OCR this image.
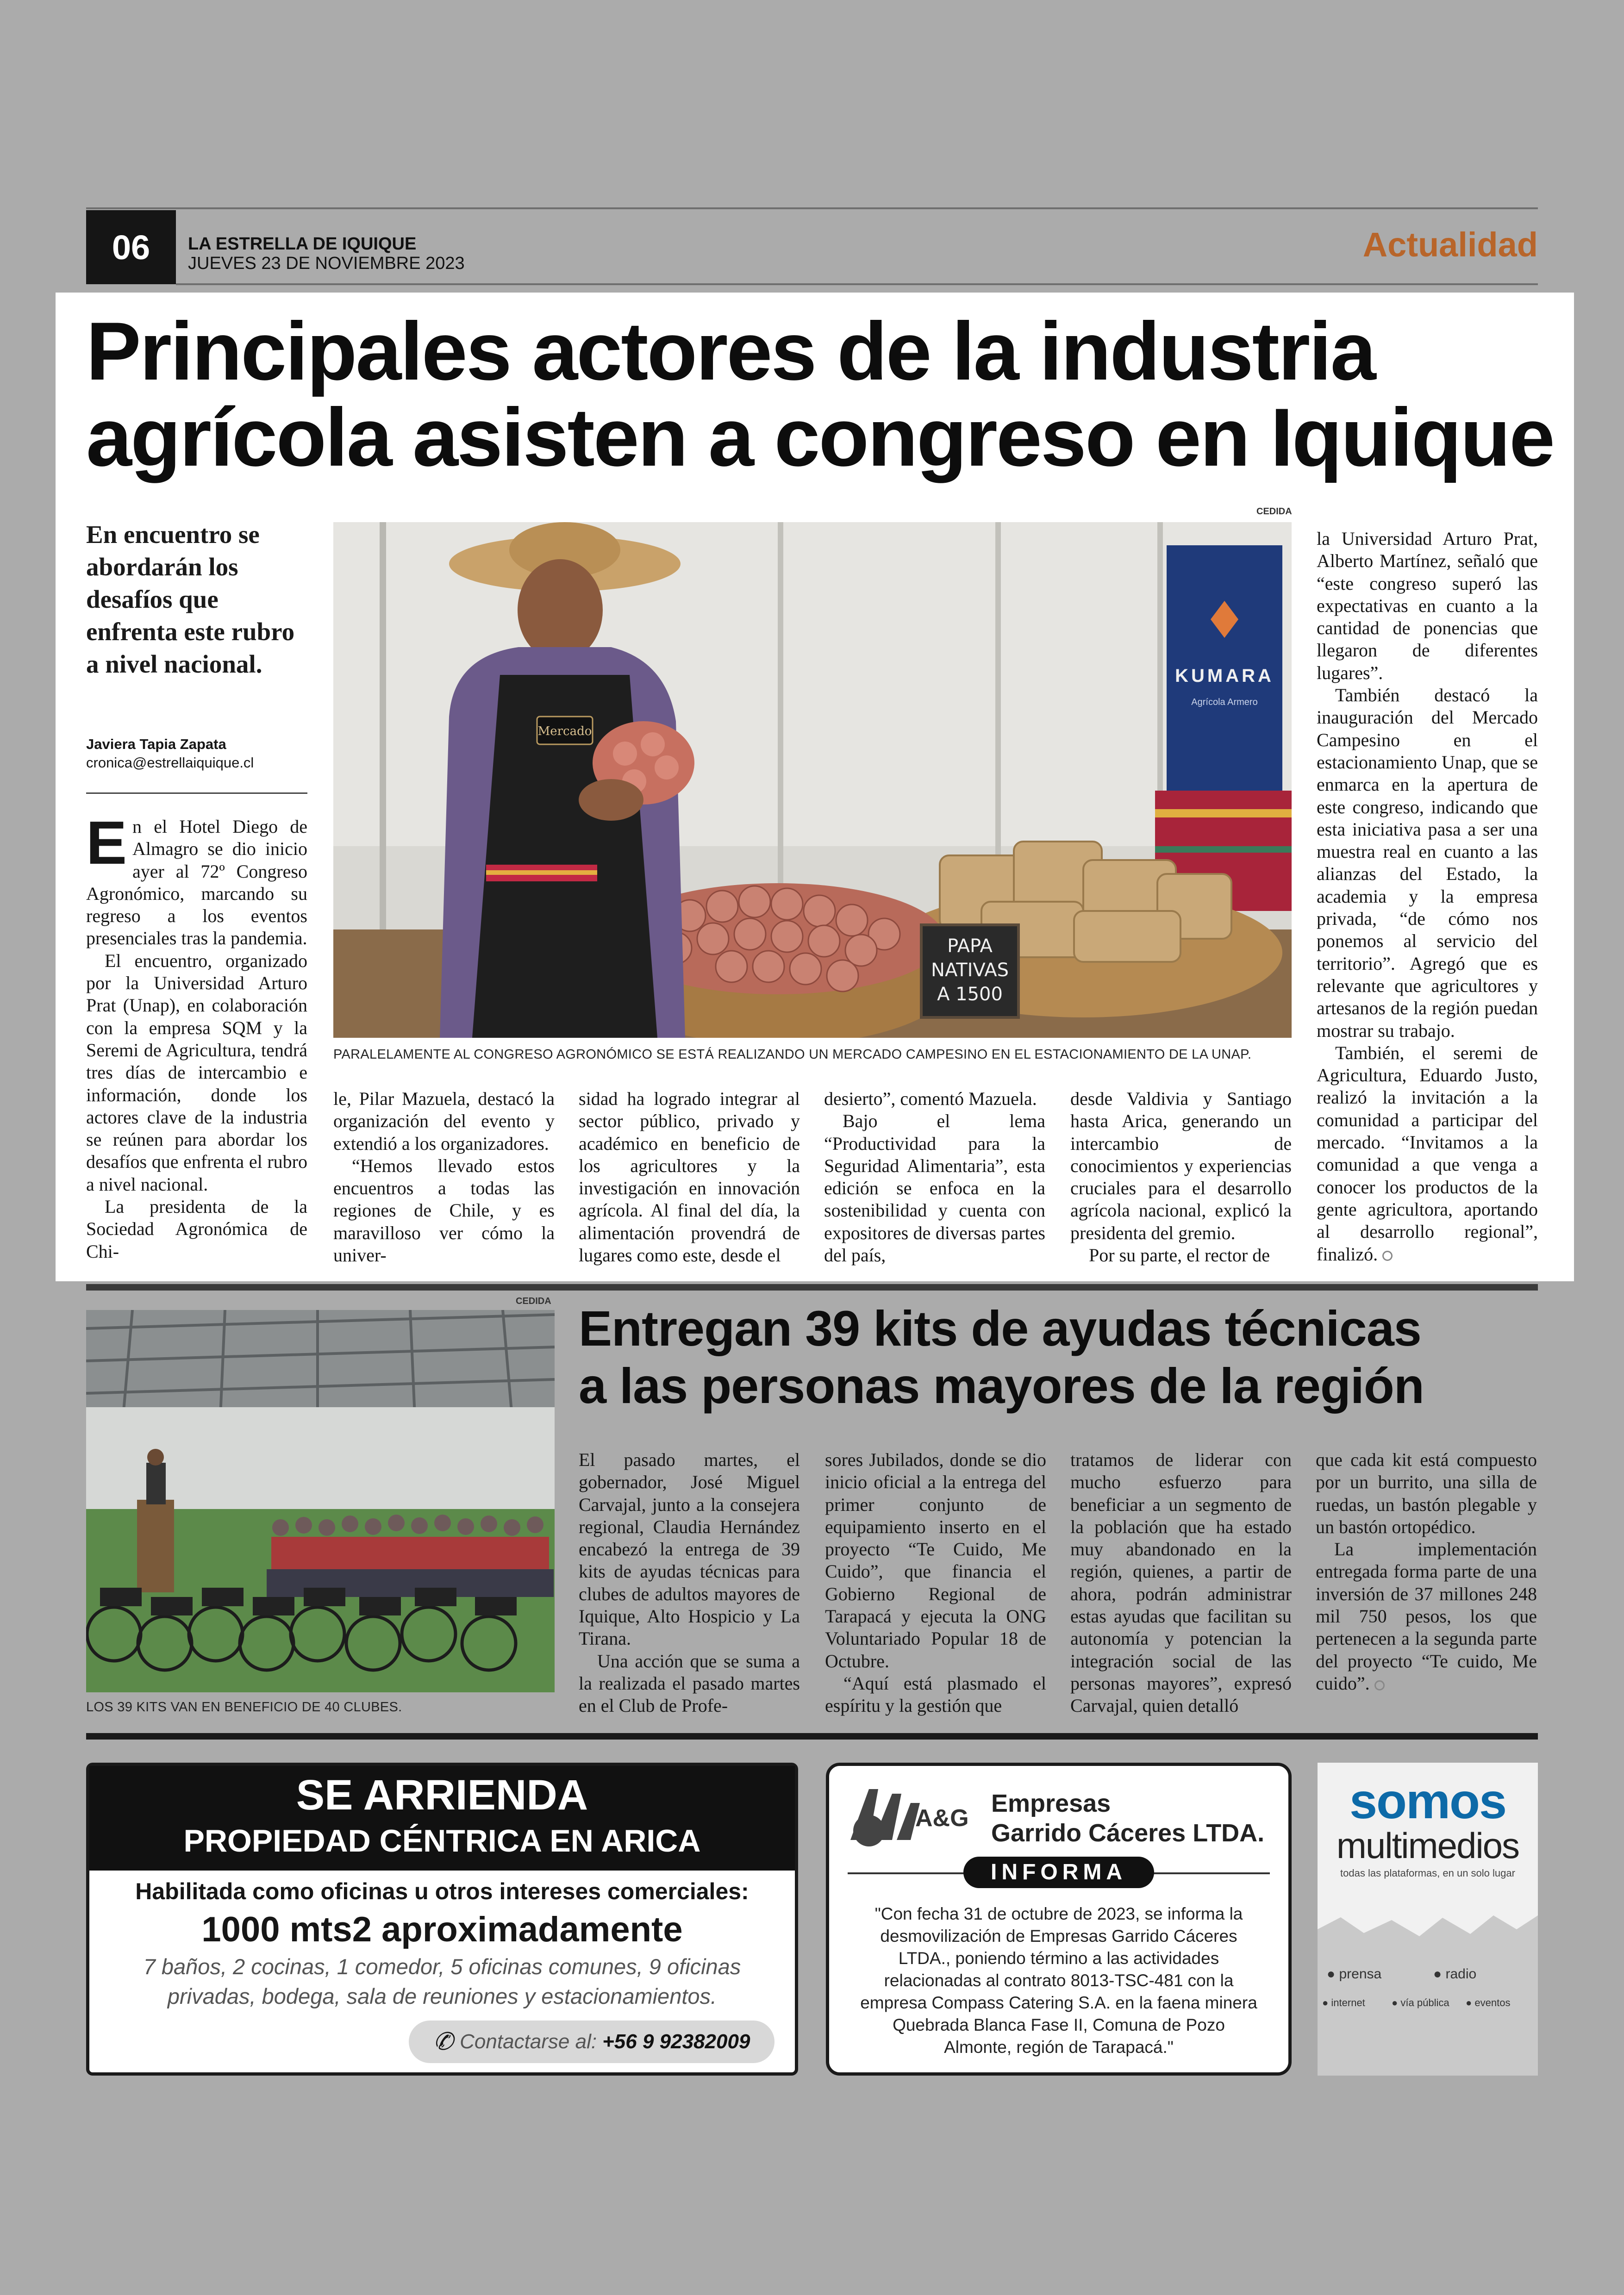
06	LA ESTRELLA DE IQUIQUE
JUEVES 23 DE NOVIEMBRE 2023	Actualidad
Principales actores de la industria
agrícola asisten a congreso en Iquique
En encuentro se abordarán los desafíos que enfrenta este rubro a nivel nacional.
Javiera Tapia Zapata
cronica@estrellaiquique.cl
CEDIDA
KUMARA
Agrícola Armero
PAPA NATIVAS A 1500
Mercado
PARALELAMENTE AL CONGRESO AGRONÓMICO SE ESTÁ REALIZANDO UN MERCADO CAMPESINO EN EL ESTACIONAMIENTO DE LA UNAP.

En el Hotel Diego de Almagro se dio inicio ayer al 72º Congreso Agronómico, marcando su regreso a los eventos presenciales tras la pandemia.

El encuentro, organizado por la Universidad Arturo Prat (Unap), en colaboración con la empresa SQM y la Seremi de Agricultura, tendrá tres días de intercambio e información, donde los actores clave de la industria se reúnen para abordar los desafíos que enfrenta el rubro a nivel nacional.

La presidenta de la Sociedad Agronómica de Chi-

le, Pilar Mazuela, destacó la organización del evento y extendió a los organizadores.

“Hemos llevado estos encuentros a todas las regiones de Chile, y es maravilloso ver cómo la univer-

sidad ha logrado integrar al sector público, privado y académico en beneficio de los agricultores y la investigación en innovación agrícola. Al final del día, la alimentación provendrá de lugares como este, desde el

desierto”, comentó Mazuela.

Bajo el lema “Productividad para la Seguridad Alimentaria”, esta edición se enfoca en la sostenibilidad y cuenta con expositores de diversas partes del país,

desde Valdivia y Santiago hasta Arica, generando un intercambio de conocimientos y experiencias cruciales para el desarrollo agrícola nacional, explicó la presidenta del gremio.

Por su parte, el rector de

la Universidad Arturo Prat, Alberto Martínez, señaló que “este congreso superó las expectativas en cuanto a la cantidad de ponencias que llegaron de diferentes lugares”.

También destacó la inauguración del Mercado Campesino en el estacionamiento Unap, que se enmarca en la apertura de este congreso, indicando que esta iniciativa pasa a ser una muestra real en cuanto a las alianzas del Estado, la academia y la empresa privada, “de cómo nos ponemos al servicio del territorio”. Agregó que es relevante que agricultores y artesanos de la región puedan mostrar su trabajo.

También, el seremi de Agricultura, Eduardo Justo, realizó la invitación a la comunidad a participar del mercado. “Invitamos a la comunidad a que venga a conocer los productos de la gente agricultora, aportando al desarrollo regional”, finalizó.

CEDIDA
LOS 39 KITS VAN EN BENEFICIO DE 40 CLUBES.
Entregan 39 kits de ayudas técnicas
a las personas mayores de la región

El pasado martes, el gobernador, José Miguel Carvajal, junto a la consejera regional, Claudia Hernández encabezó la entrega de 39 kits de ayudas técnicas para clubes de adultos mayores de Iquique, Alto Hospicio y La Tirana.

Una acción que se suma a la realizada el pasado martes en el Club de Profe-

sores Jubilados, donde se dio inicio oficial a la entrega del primer conjunto de equipamiento inserto en el proyecto “Te Cuido, Me Cuido”, que financia el Gobierno Regional de Tarapacá y ejecuta la ONG Voluntariado Popular 18 de Octubre.

“Aquí está plasmado el espíritu y la gestión que

tratamos de liderar con mucho esfuerzo para beneficiar a un segmento de la población que ha estado muy abandonado en la región, quienes, a partir de ahora, podrán administrar estas ayudas que facilitan su autonomía y potencian la integración social de las personas mayores”, expresó Carvajal, quien detalló

que cada kit está compuesto por un burrito, una silla de ruedas, un bastón plegable y un bastón ortopédico.

La implementación entregada forma parte de una inversión de 37 millones 248 mil 750 pesos, los que pertenecen a la segunda parte del proyecto “Te cuido, Me cuido”.

SE ARRIENDA
PROPIEDAD CÉNTRICA EN ARICA
Habilitada como oficinas u otros intereses comerciales:
1000 mts2 aproximadamente
7 baños, 2 cocinas, 1 comedor, 5 oficinas comunes, 9 oficinas privadas, bodega, sala de reuniones y estacionamientos.
✆ Contactarse al: +56 9 92382009
A&G
Empresas
Garrido Cáceres LTDA.
INFORMA
"Con fecha 31 de octubre de 2023, se informa la desmovilización de Empresas Garrido Cáceres LTDA., poniendo término a las actividades relacionadas al contrato 8013-TSC-481 con la empresa Compass Catering S.A. en la faena minera Quebrada Blanca Fase II, Comuna de Pozo Almonte, región de Tarapacá."
somos
multimedios
todas las plataformas, en un solo lugar
● prensa	● radio
● internet	● vía pública ● eventos
